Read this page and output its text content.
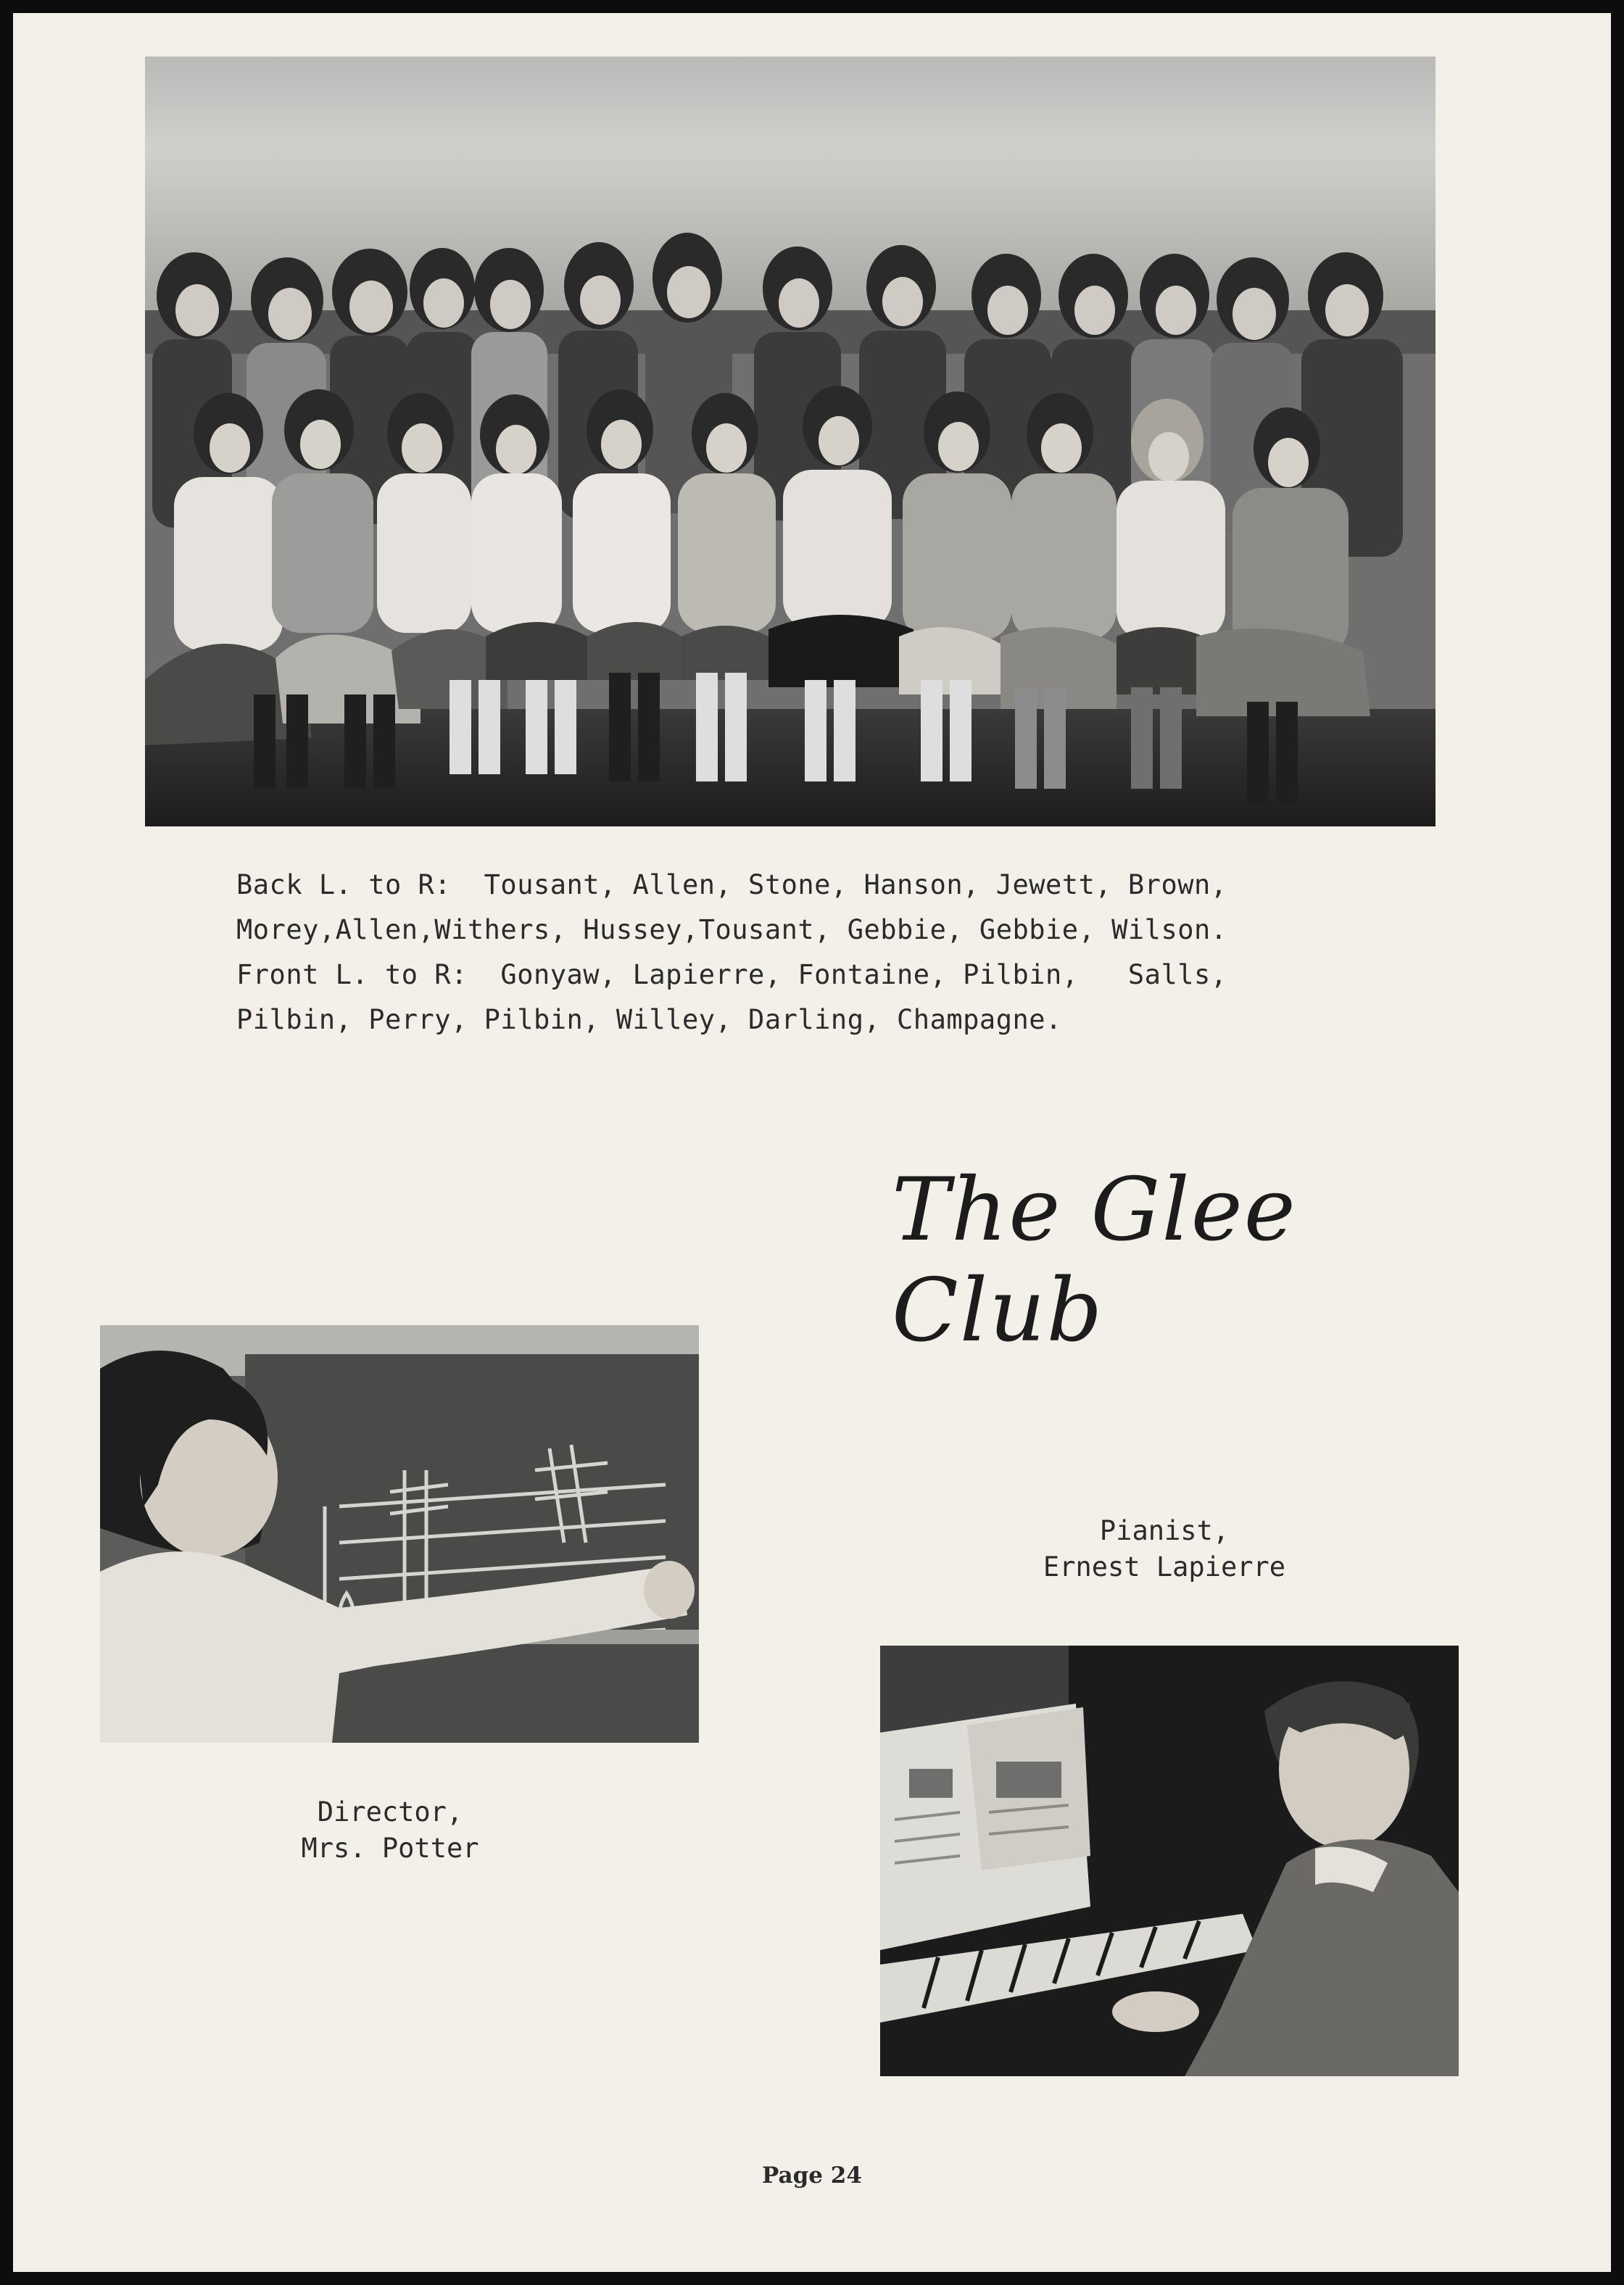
Back L. to R:  Tousant, Allen, Stone, Hanson, Jewett, Brown,
Morey,Allen,Withers, Hussey,Tousant, Gebbie, Gebbie, Wilson.
Front L. to R:  Gonyaw, Lapierre, Fontaine, Pilbin,   Salls,
Pilbin, Perry, Pilbin, Willey, Darling, Champagne.
The Glee Club
Director,
Mrs. Potter
Pianist,
Ernest Lapierre
Page 24
